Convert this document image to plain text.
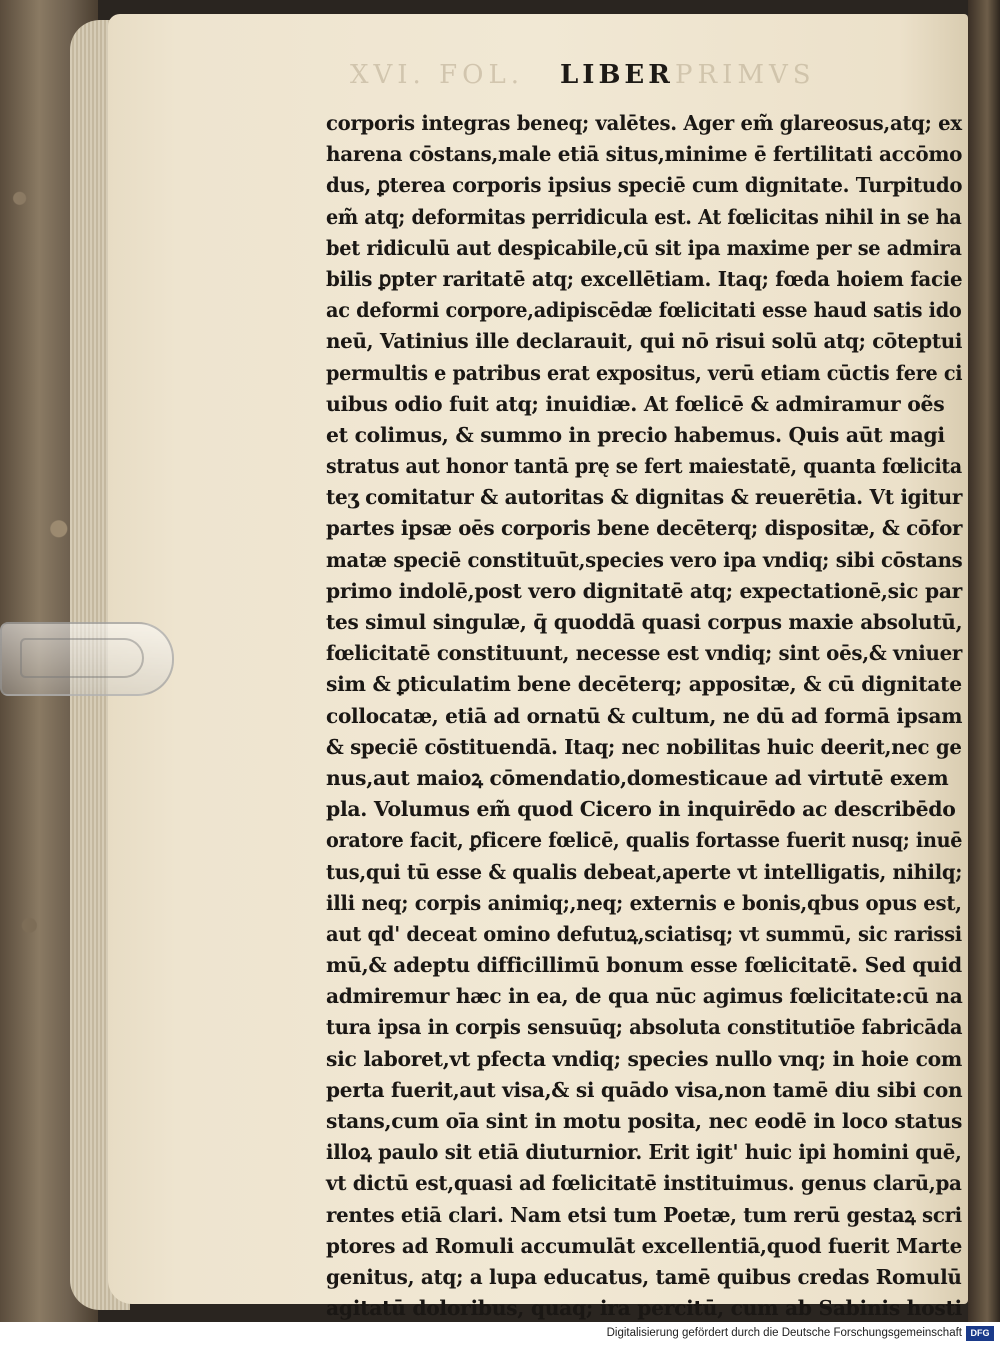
XVI. FOL.	PRIMVS
LIBER
corporis integras beneq; valētes. Ager em̃ glareosus,atq; ex
harena cōstans,male etiā situs,minime ē fertilitati accōmo
dus, ꝑterea corporis ipsius speciē cum dignitate. Turpitudo
em̃ atq; deformitas perridicula est. At fœlicitas nihil in se ha
bet ridiculū aut despicabile,cū sit ipa maxime per se admira
bilis ꝑpter raritatē atq; excellētiam. Itaq; fœda hoiem facie
ac deformi corpore,adipiscēdæ fœlicitati esse haud satis ido
neū, Vatinius ille declarauit, qui nō risui solū atq; cōteptui
permultis e patribus erat expositus, verū etiam cūctis fere ci
uibus odio fuit atq; inuidiæ. At fœlicē & admiramur oẽs
et colimus, & summo in precio habemus. Quis aūt magi
stratus aut honor tantā prę se fert maiestatē, quanta fœlicita
teʒ comitatur & autoritas & dignitas & reuerētia. Vt igitur
partes ipsæ oēs corporis bene decēterq; dispositæ, & cōfor
matæ speciē constituūt,species vero ipa vndiq; sibi cōstans
primo indolē,post vero dignitatē atq; expectationē,sic par
tes simul singulæ, q̄ quoddā quasi corpus maxie absolutū,
fœlicitatē constituunt, necesse est vndiq; sint oēs,& vniuer
sim & ꝑticulatim bene decēterq; appositæ, & cū dignitate
collocatæ, etiā ad ornatū & cultum, ne dū ad formā ipsam
& speciē cōstituendā. Itaq; nec nobilitas huic deerit,nec ge
nus,aut maioꝝ cōmendatio,domesticaue ad virtutē exem
pla. Volumus em̃ quod Cicero in inquirēdo ac describēdo
oratore facit, ꝑficere fœlicē, qualis fortasse fuerit nusq; inuē
tus,qui tū esse & qualis debeat,aperte vt intelligatis, nihilq;
illi neq; corpis animiq;,neq; externis e bonis,qbus opus est,
aut qd' deceat omino defutuꝝ,sciatisq; vt summū, sic rarissi
mū,& adeptu difficillimū bonum esse fœlicitatē. Sed quid
admiremur hæc in ea, de qua nūc agimus fœlicitate:cū na
tura ipsa in corpis sensuūq; absoluta constitutiōe fabricāda
sic laboret,vt pfecta vndiq; species nullo vnq; in hoie com
perta fuerit,aut visa,& si quādo visa,non tamē diu sibi con
stans,cum oīa sint in motu posita, nec eodē in loco status
illoꝝ paulo sit etiā diuturnior. Erit igit' huic ipi homini quē,
vt dictū est,quasi ad fœlicitatē instituimus. genus clarū,pa
rentes etiā clari. Nam etsi tum Poetæ, tum rerū gestaꝝ scri
ptores ad Romuli accumulāt excellentiā,quod fuerit Marte
genitus, atq; a lupa educatus, tamē quibus credas Romulū
agitatū doloribus, quaq; ira percitū, cum ab Sabinis hosti
Digitalisierung gefördert durch die Deutsche Forschungsgemeinschaft DFG
